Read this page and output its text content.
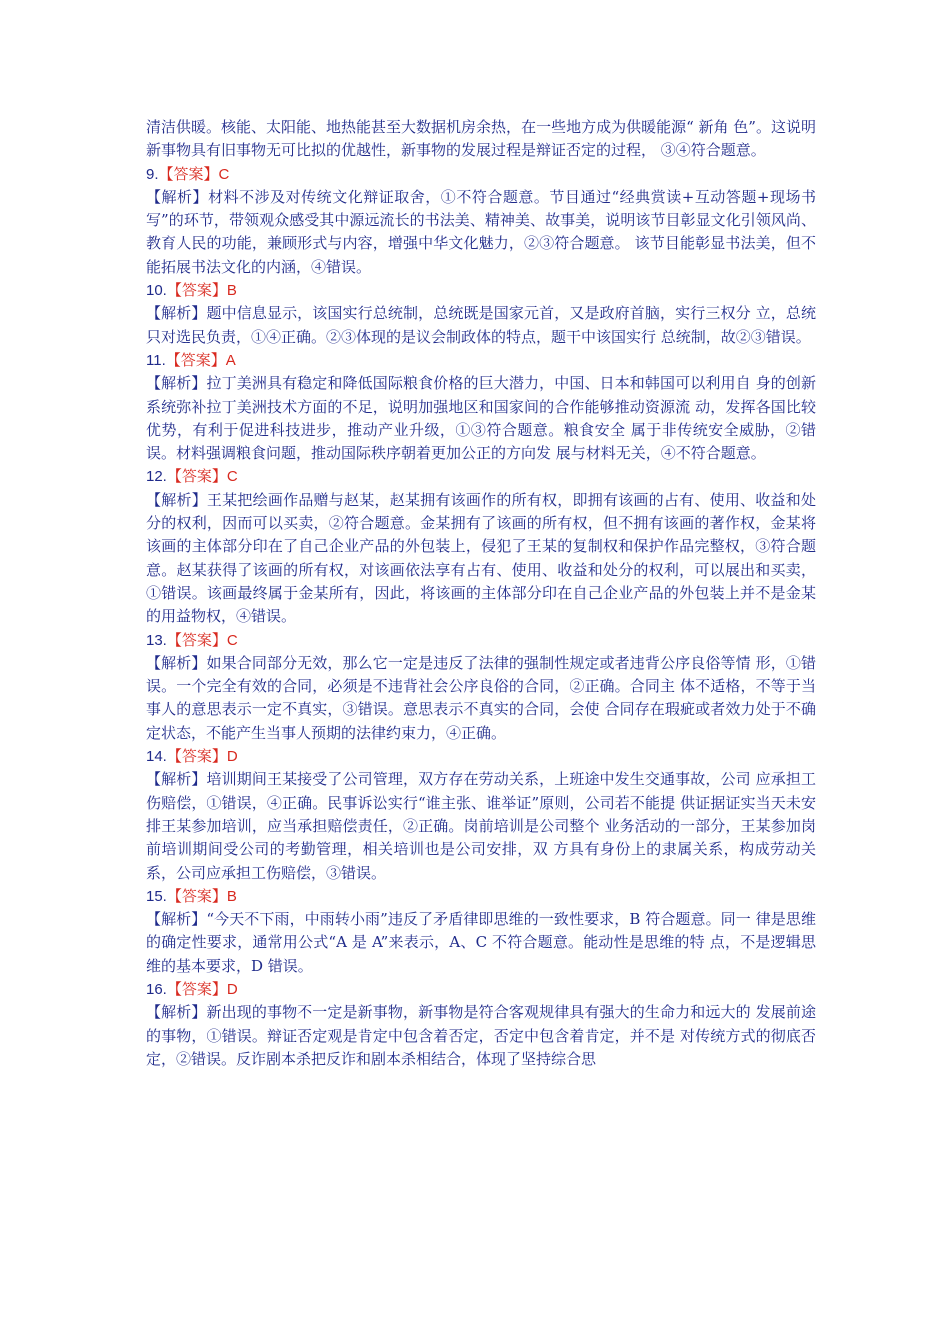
清洁供暖。核能、太阳能、地热能甚至大数据机房余热，在一些地方成为供暖能源“ 新角 色”。这说明新事物具有旧事物无可比拟的优越性，新事物的发展过程是辩证否定的过程， ③④符合题意。

9.【答案】C

【解析】材料不涉及对传统文化辩证取舍，①不符合题意。节目通过“经典赏读+互动答题+现场书写”的环节，带领观众感受其中源远流长的书法美、精神美、故事美，说明该节目彰显文化引领风尚、教育人民的功能，兼顾形式与内容，增强中华文化魅力，②③符合题意。 该节目能彰显书法美，但不能拓展书法文化的内涵，④错误。

10.【答案】B

【解析】题中信息显示，该国实行总统制，总统既是国家元首，又是政府首脑，实行三权分 立，总统只对选民负责，①④正确。②③体现的是议会制政体的特点，题干中该国实行 总统制，故②③错误。

11.【答案】A

【解析】拉丁美洲具有稳定和降低国际粮食价格的巨大潜力，中国、日本和韩国可以利用自 身的创新系统弥补拉丁美洲技术方面的不足，说明加强地区和国家间的合作能够推动资源流 动，发挥各国比较优势，有利于促进科技进步，推动产业升级，①③符合题意。粮食安全 属于非传统安全威胁，②错误。材料强调粮食问题，推动国际秩序朝着更加公正的方向发 展与材料无关，④不符合题意。

12.【答案】C

【解析】王某把绘画作品赠与赵某，赵某拥有该画作的所有权，即拥有该画的占有、使用、收益和处分的权利，因而可以买卖，②符合题意。金某拥有了该画的所有权，但不拥有该画的著作权，金某将该画的主体部分印在了自己企业产品的外包装上，侵犯了王某的复制权和保护作品完整权，③符合题意。赵某获得了该画的所有权，对该画依法享有占有、使用、收益和处分的权利，可以展出和买卖，①错误。该画最终属于金某所有，因此，将该画的主体部分印在自己企业产品的外包装上并不是金某的用益物权，④错误。

13.【答案】C

【解析】如果合同部分无效，那么它一定是违反了法律的强制性规定或者违背公序良俗等情 形，①错误。一个完全有效的合同，必须是不违背社会公序良俗的合同，②正确。合同主 体不适格，不等于当事人的意思表示一定不真实，③错误。意思表示不真实的合同，会使 合同存在瑕疵或者效力处于不确定状态，不能产生当事人预期的法律约束力，④正确。

14.【答案】D

【解析】培训期间王某接受了公司管理，双方存在劳动关系，上班途中发生交通事故，公司 应承担工伤赔偿，①错误，④正确。民事诉讼实行“谁主张、谁举证”原则，公司若不能提 供证据证实当天未安排王某参加培训，应当承担赔偿责任，②正确。岗前培训是公司整个 业务活动的一部分，王某参加岗前培训期间受公司的考勤管理，相关培训也是公司安排，双 方具有身份上的隶属关系，构成劳动关系，公司应承担工伤赔偿，③错误。

15.【答案】B

【解析】“今天不下雨，中雨转小雨”违反了矛盾律即思维的一致性要求，B 符合题意。同一 律是思维的确定性要求，通常用公式“A 是 A”来表示，A、C 不符合题意。能动性是思维的特 点，不是逻辑思维的基本要求，D 错误。

16.【答案】D

【解析】新出现的事物不一定是新事物，新事物是符合客观规律具有强大的生命力和远大的 发展前途的事物，①错误。辩证否定观是肯定中包含着否定，否定中包含着肯定，并不是 对传统方式的彻底否定，②错误。反诈剧本杀把反诈和剧本杀相结合，体现了坚持综合思
